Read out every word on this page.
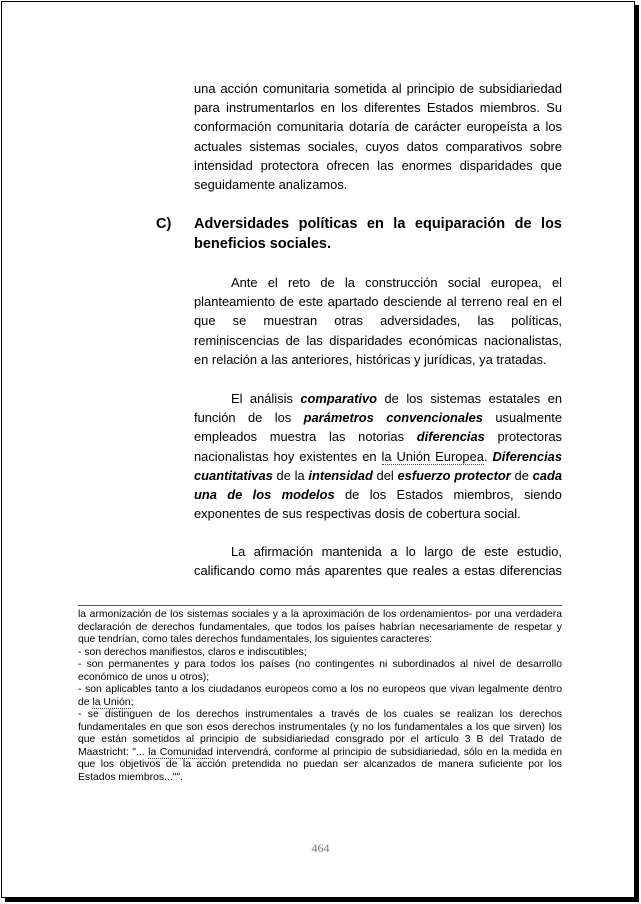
una acción comunitaria sometida al principio de subsidiariedad para instrumentarlos en los diferentes Estados miembros. Su conformación comunitaria dotaría de carácter europeísta a los actuales sistemas sociales, cuyos datos comparativos sobre intensidad protectora ofrecen las enormes disparidades que seguidamente analizamos.

C) Adversidades políticas en la equiparación de los beneficios sociales.

Ante el reto de la construcción social europea, el planteamiento de este apartado desciende al terreno real en el que se muestran otras adversidades, las políticas, reminiscencias de las disparidades económicas nacionalistas, en relación a las anteriores, históricas y jurídicas, ya tratadas.

El análisis comparativo de los sistemas estatales en función de los parámetros convencionales usualmente empleados muestra las notorias diferencias protectoras nacionalistas hoy existentes en la Unión Europea. Diferencias cuantitativas de la intensidad del esfuerzo protector de cada una de los modelos de los Estados miembros, siendo exponentes de sus respectivas dosis de cobertura social.

La afirmación mantenida a lo largo de este estudio, calificando como más aparentes que reales a estas diferencias

la armonización de los sistemas sociales y a la aproximación de los ordenamientos- por una verdadera declaración de derechos fundamentales, que todos los países habrían necesariamente de respetar y que tendrían, como tales derechos fundamentales, los siguientes caracteres:

- son derechos manifiestos, claros e indiscutibles;

- son permanentes y para todos los países (no contingentes ni subordinados al nivel de desarrollo económico de unos u otros);

- son aplicables tanto a los ciudadanos europeos como a los no europeos que vivan legalmente dentro de la Unión;

- se distinguen de los derechos instrumentales a través de los cuales se realizan los derechos fundamentales en que son esos derechos instrumentales (y no los fundamentales a los que sirven) los que están sometidos al principio de subsidiariedad consgrado por el artículo 3 B del Tratado de Maastricht: "... la Comunidad intervendrá, conforme al principio de subsidiariedad, sólo en la medida en que los objetivos de la acción pretendida no puedan ser alcanzados de manera suficiente por los Estados miembros..."".

464
